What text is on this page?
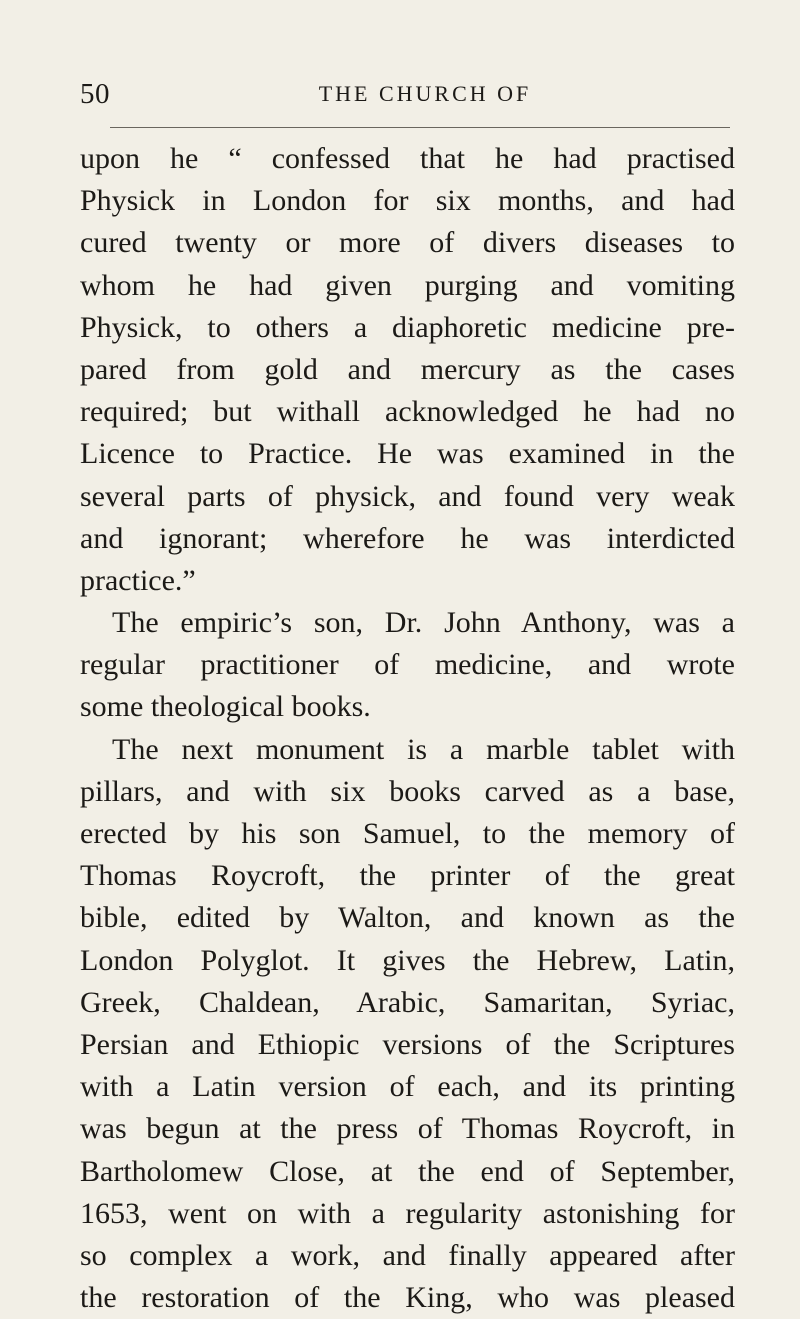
50	THE CHURCH OF
upon he “ confessed that he had practised
Physick in London for six months, and had
cured twenty or more of divers diseases to
whom he had given purging and vomiting
Physick, to others a diaphoretic medicine pre-
pared from gold and mercury as the cases
required; but withall acknowledged he had no
Licence to Practice. He was examined in the
several parts of physick, and found very weak
and ignorant; wherefore he was interdicted
practice.”
The empiric’s son, Dr. John Anthony, was a
regular practitioner of medicine, and wrote
some theological books.
The next monument is a marble tablet with
pillars, and with six books carved as a base,
erected by his son Samuel, to the memory of
Thomas Roycroft, the printer of the great
bible, edited by Walton, and known as the
London Polyglot. It gives the Hebrew, Latin,
Greek, Chaldean, Arabic, Samaritan, Syriac,
Persian and Ethiopic versions of the Scriptures
with a Latin version of each, and its printing
was begun at the press of Thomas Roycroft, in
Bartholomew Close, at the end of September,
1653, went on with a regularity astonishing for
so complex a work, and finally appeared after
the restoration of the King, who was pleased
